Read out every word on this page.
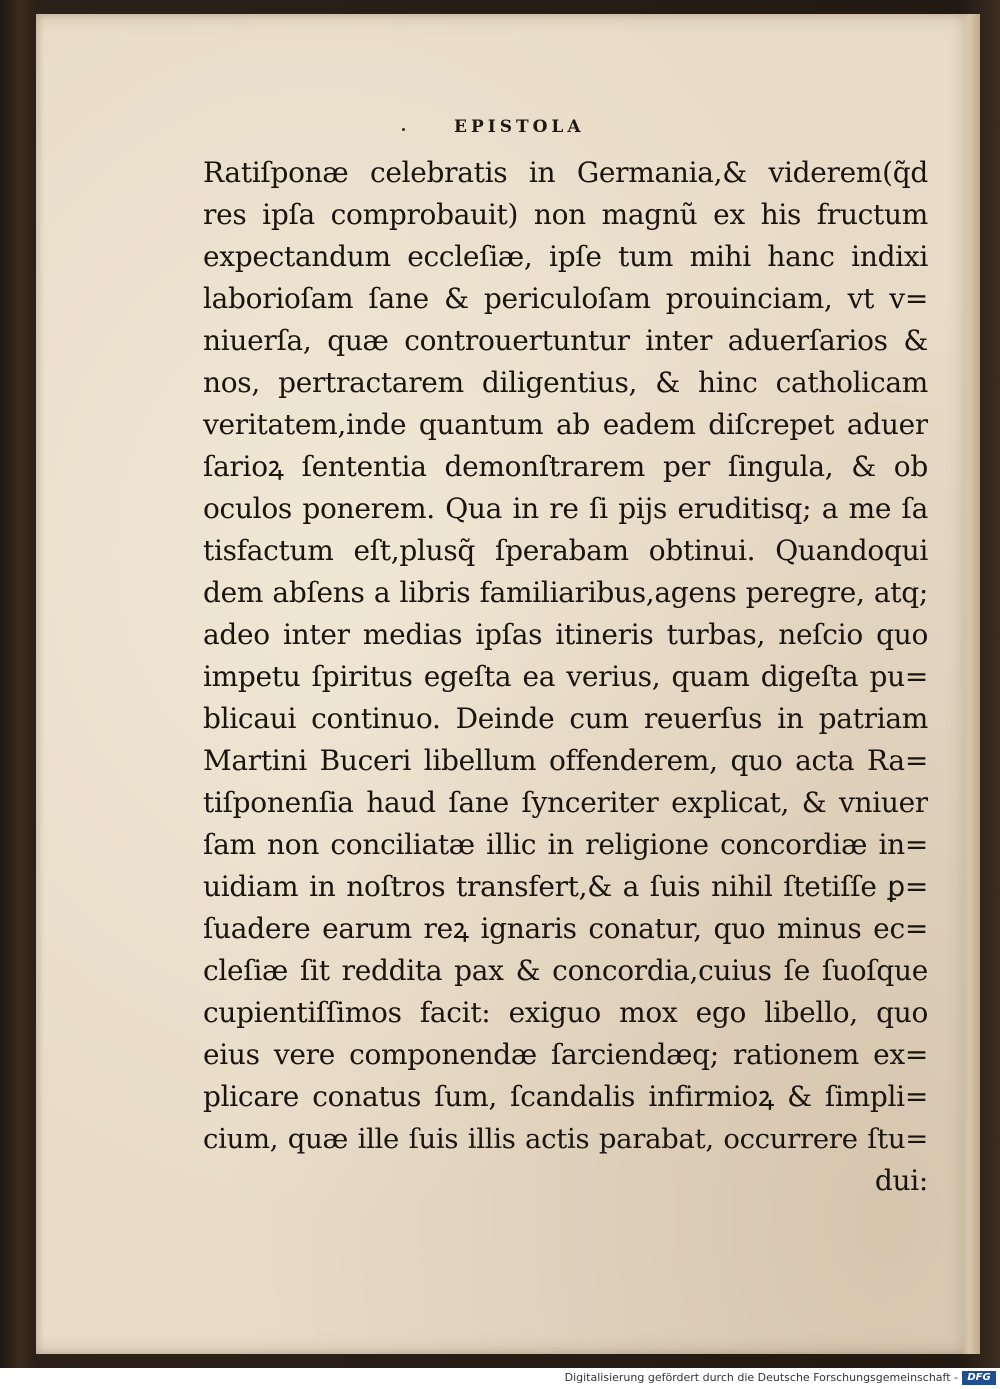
EPISTOLA
Ratiſponæ celebratis in Germania,& viderem(q̃d
res ipſa comprobauit) non magnũ ex his fructum
expectandum eccleſiæ, ipſe tum mihi hanc indixi
laborioſam ſane & periculoſam prouinciam, vt v=
niuerſa, quæ controuertuntur inter aduerſarios &
nos, pertractarem diligentius, & hinc catholicam
veritatem,inde quantum ab eadem diſcrepet aduer
ſarioꝝ ſententia demonſtrarem per ſingula, & ob
oculos ponerem. Qua in re ſi pijs eruditisq; a me ſa
tisfactum eſt,plusq̃ ſperabam obtinui. Quandoqui
dem abſens a libris familiaribus,agens peregre, atq;
adeo inter medias ipſas itineris turbas, neſcio quo
impetu ſpiritus egeſta ea verius, quam digeſta pu=
blicaui continuo. Deinde cum reuerſus in patriam
Martini Buceri libellum offenderem, quo acta Ra=
tiſponenſia haud ſane ſynceriter explicat, & vniuer
ſam non conciliatæ illic in religione concordiæ in=
uidiam in noſtros transfert,& a ſuis nihil ſtetiſſe ꝑ=
ſuadere earum reꝝ ignaris conatur, quo minus ec=
cleſiæ ſit reddita pax & concordia,cuius ſe ſuoſque
cupientiſſimos facit: exiguo mox ego libello, quo
eius vere componendæ ſarciendæq; rationem ex=
plicare conatus ſum, ſcandalis infirmioꝝ & ſimpli=
cium, quæ ille ſuis illis actis parabat, occurrere ſtu=
dui:
Digitalisierung gefördert durch die Deutsche Forschungsgemeinschaft - DFG
